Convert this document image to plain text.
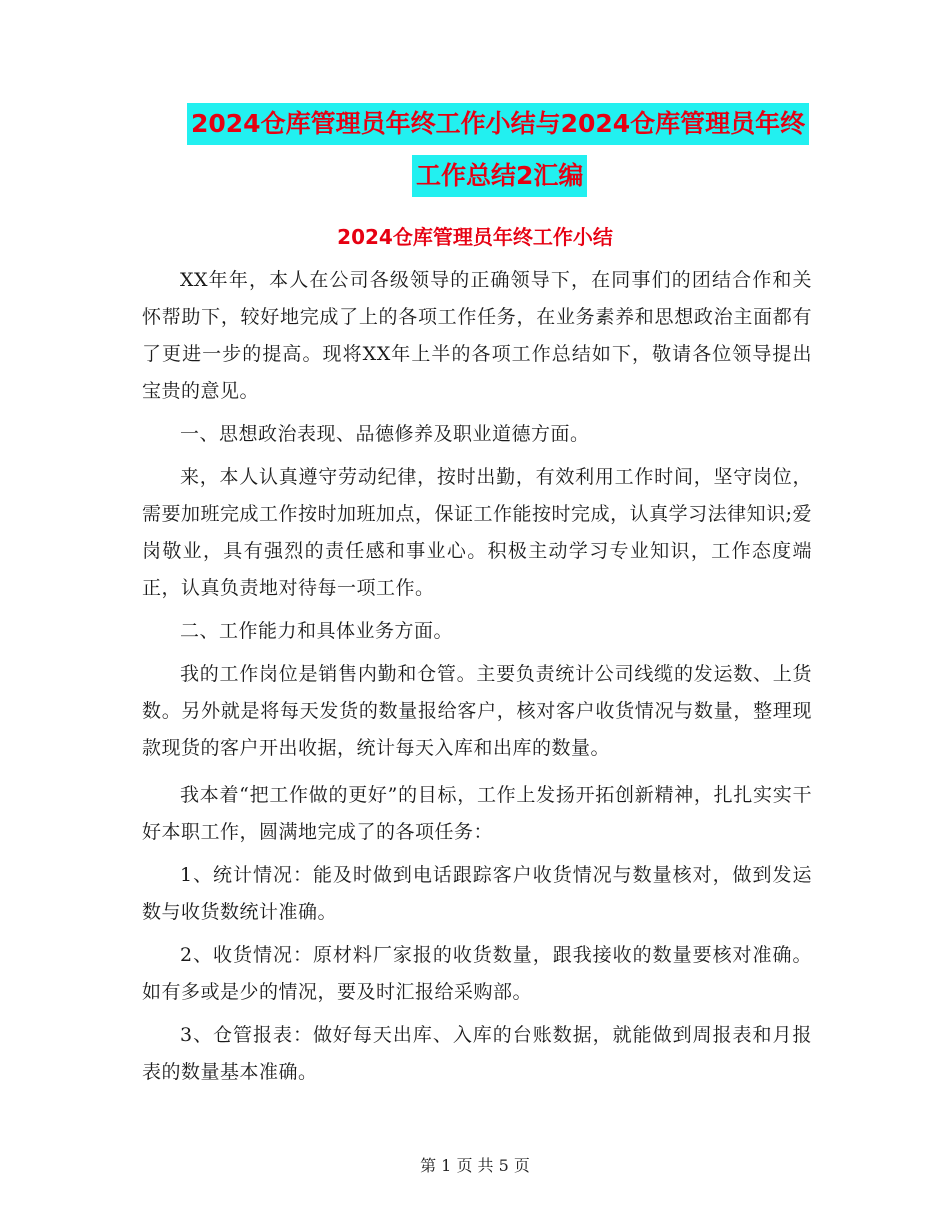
2024仓库管理员年终工作小结与2024仓库管理员年终
工作总结2汇编
2024仓库管理员年终工作小结

XX年年，本人在公司各级领导的正确领导下，在同事们的团结合作和关怀帮助下，较好地完成了上的各项工作任务，在业务素养和思想政治主面都有了更进一步的提高。现将XX年上半的各项工作总结如下，敬请各位领导提出宝贵的意见。

一、思想政治表现、品德修养及职业道德方面。

来，本人认真遵守劳动纪律，按时出勤，有效利用工作时间，坚守岗位，需要加班完成工作按时加班加点，保证工作能按时完成，认真学习法律知识;爱岗敬业，具有强烈的责任感和事业心。积极主动学习专业知识，工作态度端正，认真负责地对待每一项工作。

二、工作能力和具体业务方面。

我的工作岗位是销售内勤和仓管。主要负责统计公司线缆的发运数、上货数。另外就是将每天发货的数量报给客户，核对客户收货情况与数量，整理现款现货的客户开出收据，统计每天入库和出库的数量。

我本着“把工作做的更好”的目标，工作上发扬开拓创新精神，扎扎实实干好本职工作，圆满地完成了的各项任务：

1、统计情况：能及时做到电话跟踪客户收货情况与数量核对，做到发运数与收货数统计准确。

2、收货情况：原材料厂家报的收货数量，跟我接收的数量要核对准确。如有多或是少的情况，要及时汇报给采购部。

3、仓管报表：做好每天出库、入库的台账数据，就能做到周报表和月报表的数量基本准确。

第 1 页 共 5 页
